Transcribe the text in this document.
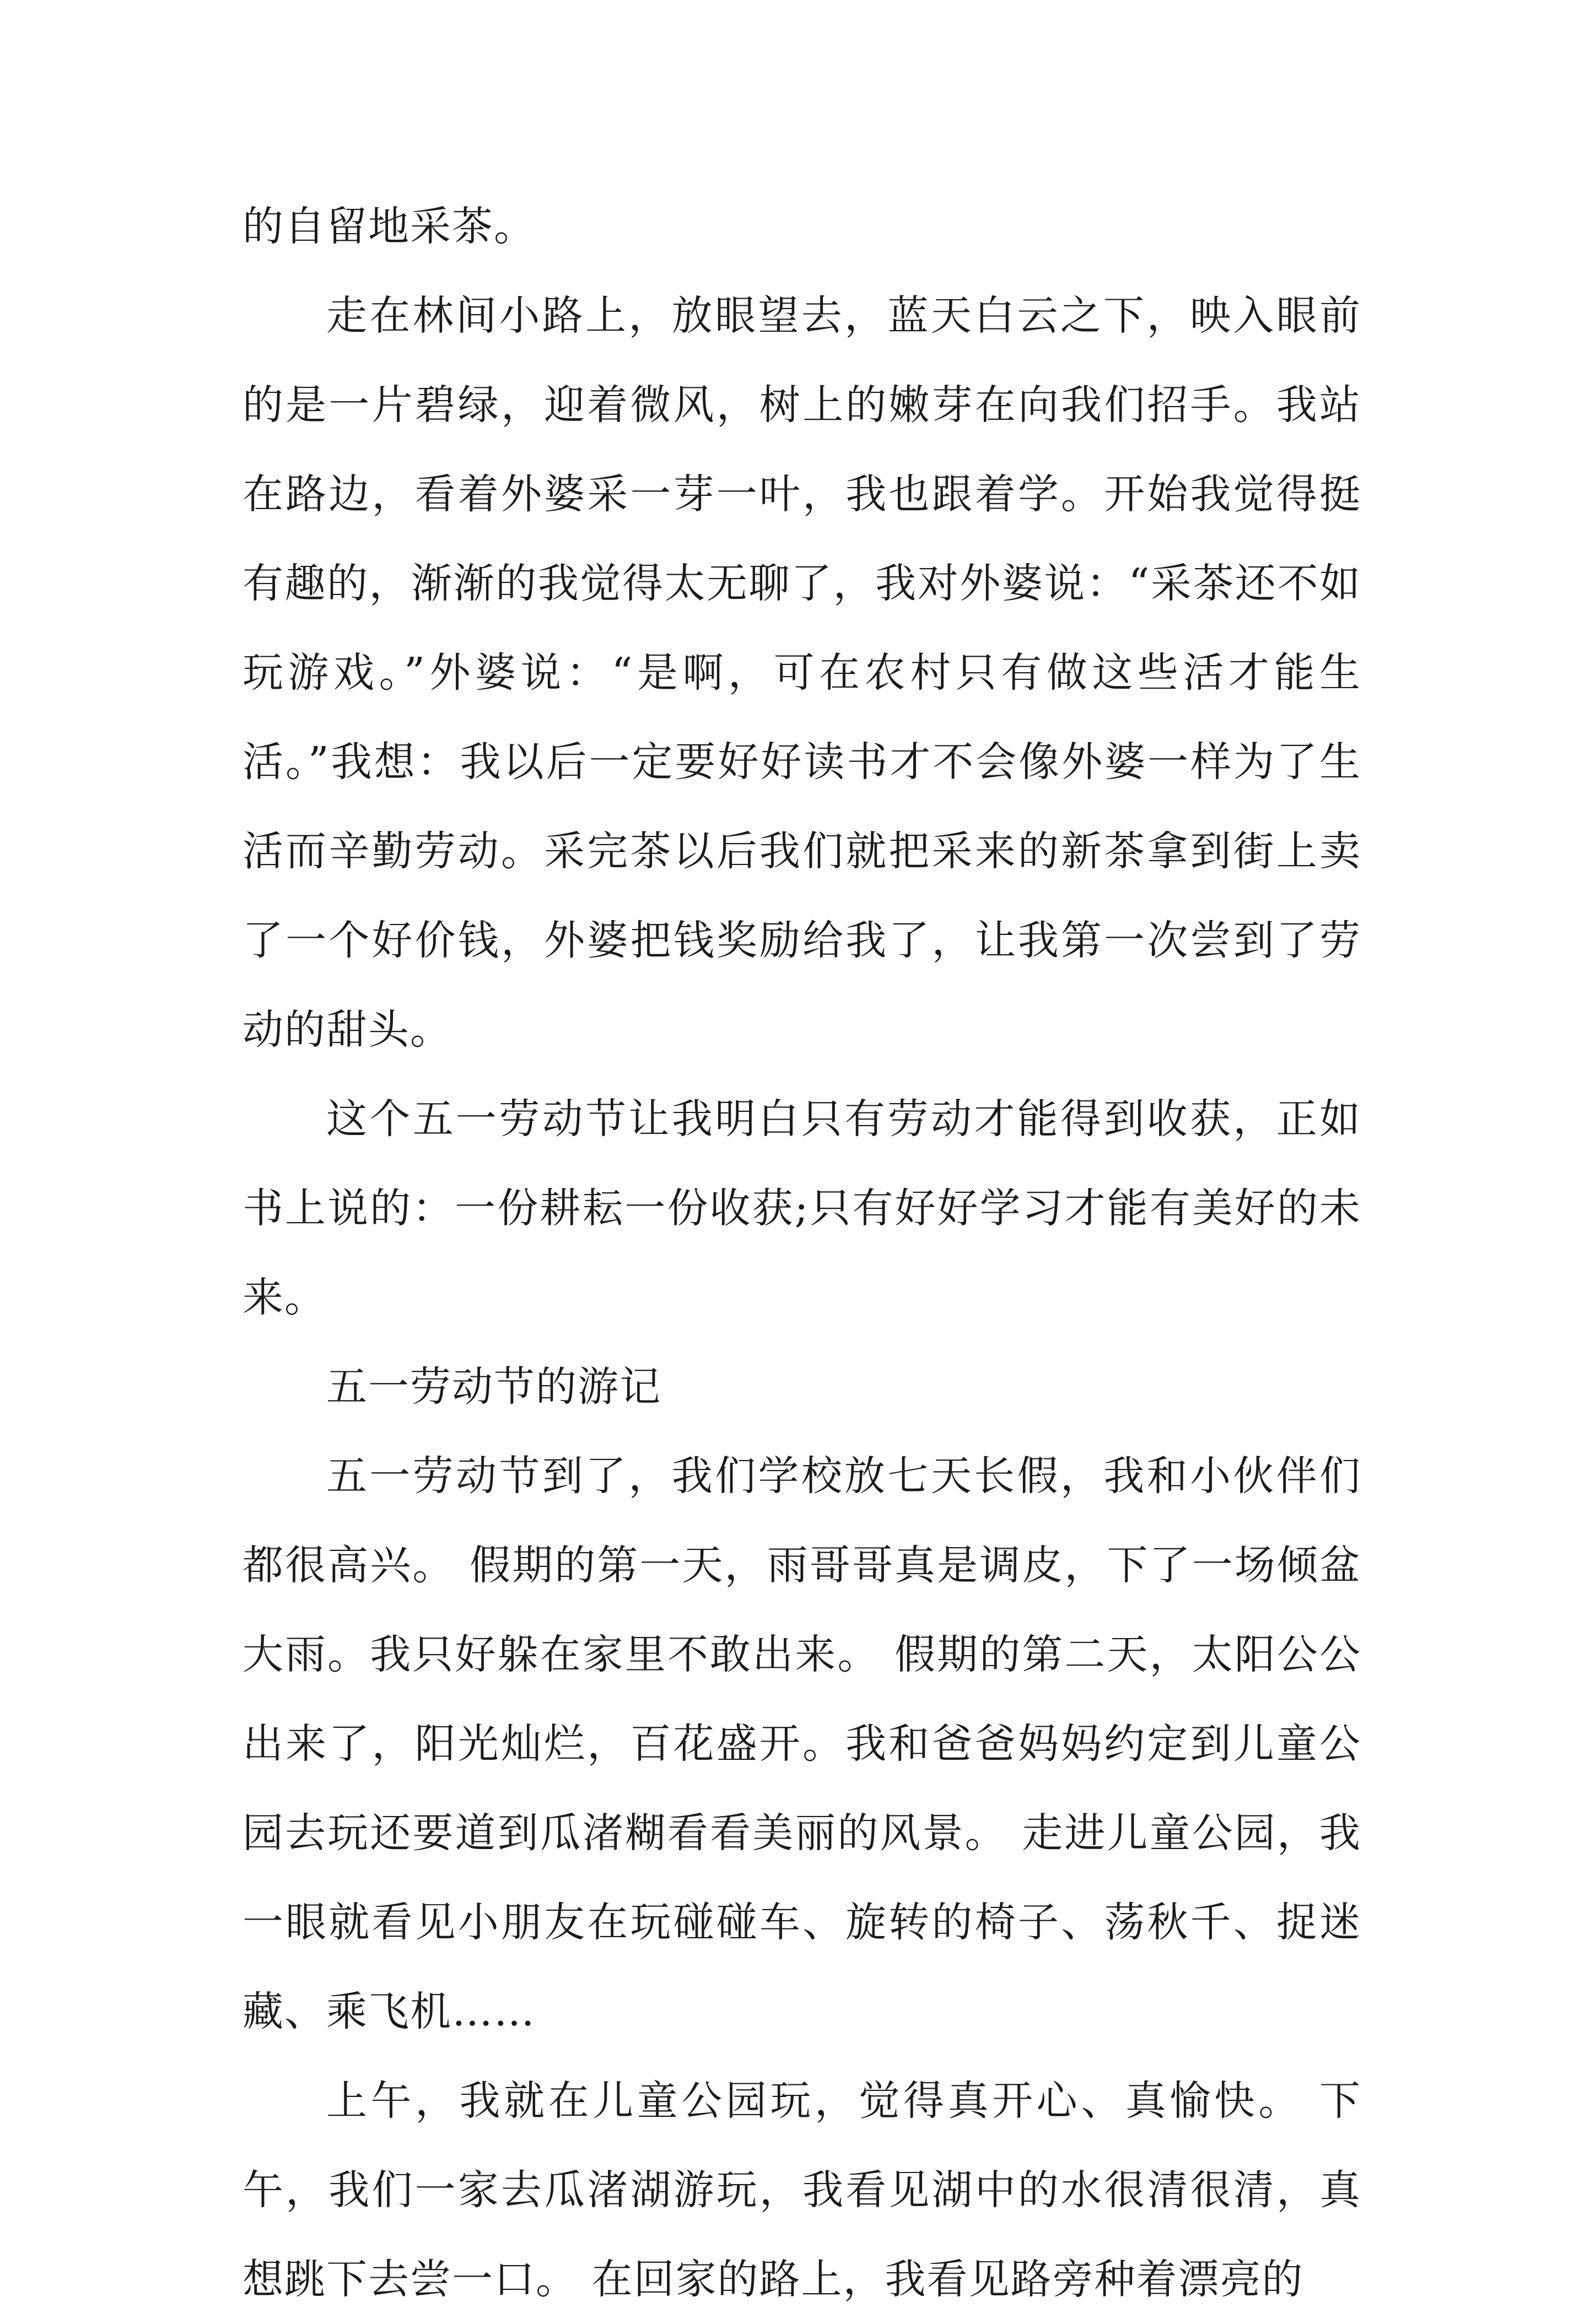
的自留地采茶。

走在林间小路上，放眼望去，蓝天白云之下，映入眼前的是一片碧绿，迎着微风，树上的嫩芽在向我们招手。我站在路边，看着外婆采一芽一叶，我也跟着学。开始我觉得挺有趣的，渐渐的我觉得太无聊了，我对外婆说：“采茶还不如玩游戏。”外婆说：“是啊，可在农村只有做这些活才能生活。”我想：我以后一定要好好读书才不会像外婆一样为了生活而辛勤劳动。采完茶以后我们就把采来的新茶拿到街上卖了一个好价钱，外婆把钱奖励给我了，让我第一次尝到了劳动的甜头。

这个五一劳动节让我明白只有劳动才能得到收获，正如书上说的：一份耕耘一份收获;只有好好学习才能有美好的未来。

五一劳动节的游记

五一劳动节到了，我们学校放七天长假，我和小伙伴们都很高兴。 假期的第一天，雨哥哥真是调皮，下了一场倾盆大雨。我只好躲在家里不敢出来。 假期的第二天，太阳公公出来了，阳光灿烂，百花盛开。我和爸爸妈妈约定到儿童公园去玩还要道到瓜渚糊看看美丽的风景。 走进儿童公园，我一眼就看见小朋友在玩碰碰车、旋转的椅子、荡秋千、捉迷藏、乘飞机……

上午，我就在儿童公园玩，觉得真开心、真愉快。 下午，我们一家去瓜渚湖游玩，我看见湖中的水很清很清，真想跳下去尝一口。 在回家的路上，我看见路旁种着漂亮的
